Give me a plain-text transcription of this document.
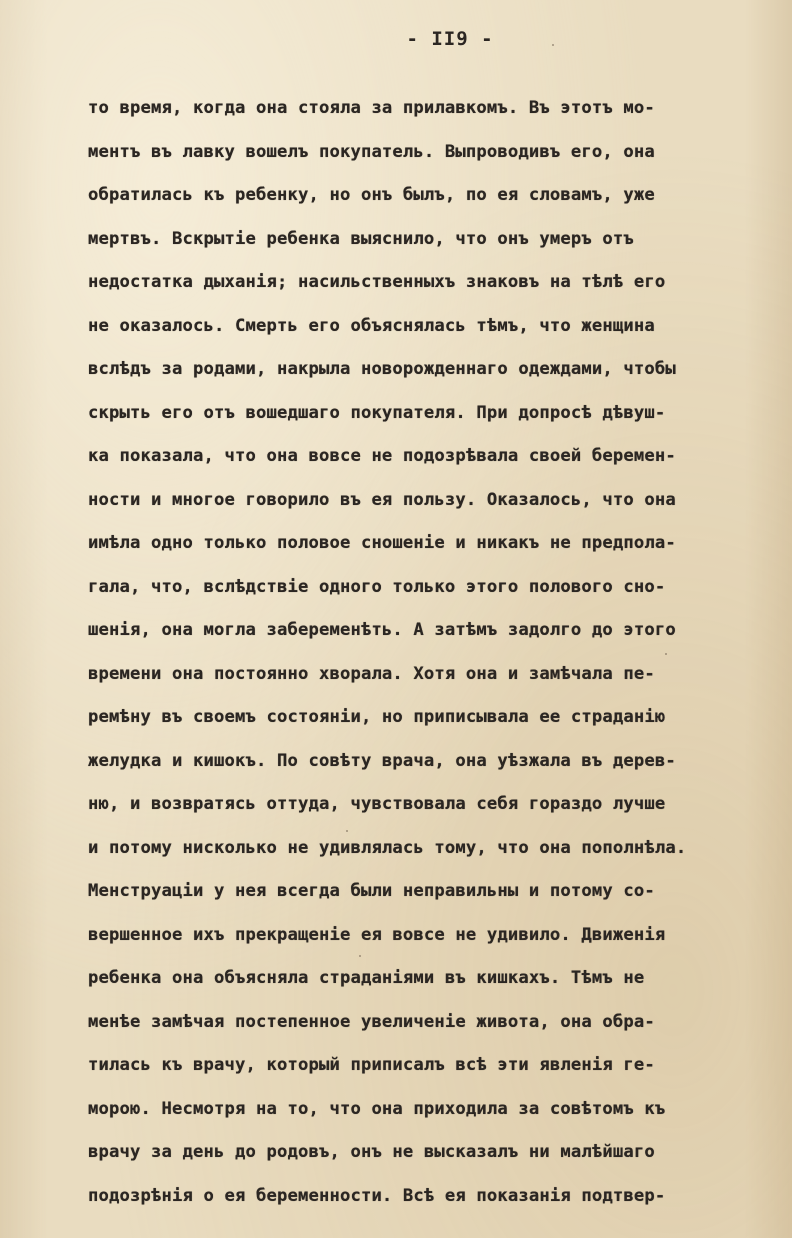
- II9 -
то время, когда она стояла за прилавкомъ. Въ этотъ мо-
ментъ въ лавку вошелъ покупатель. Выпроводивъ его, она
обратилась къ ребенку, но онъ былъ, по ея словамъ, уже
мертвъ. Вскрытіе ребенка выяснило, что онъ умеръ отъ
недостатка дыханія; насильственныхъ знаковъ на тѣлѣ его
не оказалось. Смерть его объяснялась тѣмъ, что женщина
вслѣдъ за родами, накрыла новорожденнаго одеждами, чтобы
скрыть его отъ вошедшаго покупателя. При допросѣ дѣвуш-
ка показала, что она вовсе не подозрѣвала своей беремен-
ности и многое говорило въ ея пользу. Оказалось, что она
имѣла одно только половое сношеніе и никакъ не предпола-
гала, что, вслѣдствіе одного только этого полового сно-
шенія, она могла забеременѣть. А затѣмъ задолго до этого
времени она постоянно хворала. Хотя она и замѣчала пе-
ремѣну въ своемъ состояніи, но приписывала ее страданію
желудка и кишокъ. По совѣту врача, она уѣзжала въ дерев-
ню, и возвратясь оттуда, чувствовала себя гораздо лучше
и потому нисколько не удивлялась тому, что она пополнѣла.
Менструаціи у нея всегда были неправильны и потому со-
вершенное ихъ прекращеніе ея вовсе не удивило. Движенія
ребенка она объясняла страданіями въ кишкахъ. Тѣмъ не
менѣе замѣчая постепенное увеличеніе живота, она обра-
тилась къ врачу, который приписалъ всѣ эти явленія ге-
морою. Несмотря на то, что она приходила за совѣтомъ къ
врачу за день до родовъ, онъ не высказалъ ни малѣйшаго
подозрѣнія о ея беременности. Всѣ ея показанія подтвер-
